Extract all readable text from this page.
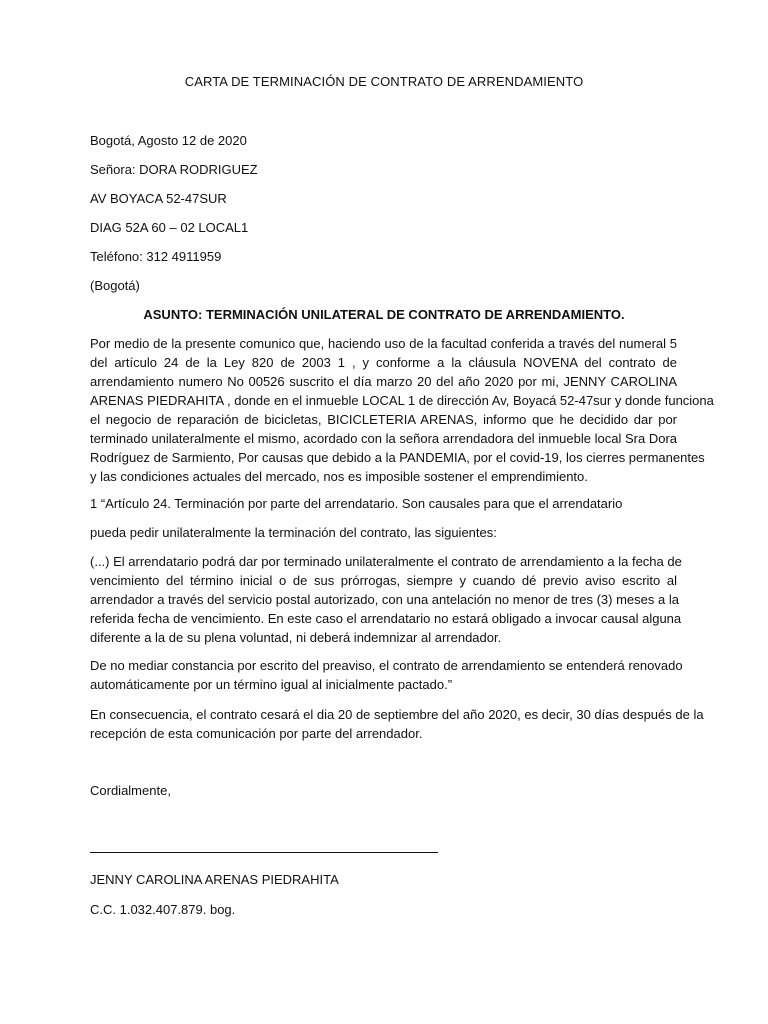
CARTA DE TERMINACIÓN DE CONTRATO DE ARRENDAMIENTO
Bogotá, Agosto 12 de 2020
Señora: DORA RODRIGUEZ
AV BOYACA 52-47SUR
DIAG 52A 60 – 02 LOCAL1
Teléfono: 312 4911959
(Bogotá)
ASUNTO: TERMINACIÓN UNILATERAL DE CONTRATO DE ARRENDAMIENTO.
Por medio de la presente comunico que, haciendo uso de la facultad conferida a través del numeral 5
del artículo 24 de la Ley 820 de 2003 1 , y conforme a la cláusula NOVENA del contrato de
arrendamiento numero No 00526 suscrito el día marzo 20 del año 2020 por mi, JENNY CAROLINA
ARENAS PIEDRAHITA , donde en el inmueble LOCAL 1 de dirección Av, Boyacá 52-47sur y donde funciona
el negocio de reparación de bicicletas, BICICLETERIA ARENAS, informo que he decidido dar por
terminado unilateralmente el mismo, acordado con la señora arrendadora del inmueble local Sra Dora
Rodríguez de Sarmiento, Por causas que debido a la PANDEMIA, por el covid-19, los cierres permanentes
y las condiciones actuales del mercado, nos es imposible sostener el emprendimiento.
1 “Artículo 24. Terminación por parte del arrendatario. Son causales para que el arrendatario
pueda pedir unilateralmente la terminación del contrato, las siguientes:
(...) El arrendatario podrá dar por terminado unilateralmente el contrato de arrendamiento a la fecha de
vencimiento del término inicial o de sus prórrogas, siempre y cuando dé previo aviso escrito al
arrendador a través del servicio postal autorizado, con una antelación no menor de tres (3) meses a la
referida fecha de vencimiento. En este caso el arrendatario no estará obligado a invocar causal alguna
diferente a la de su plena voluntad, ni deberá indemnizar al arrendador.
De no mediar constancia por escrito del preaviso, el contrato de arrendamiento se entenderá renovado
automáticamente por un término igual al inicialmente pactado.”
En consecuencia, el contrato cesará el dia 20 de septiembre del año 2020, es decir, 30 días después de la
recepción de esta comunicación por parte del arrendador.
Cordialmente,
JENNY CAROLINA ARENAS PIEDRAHITA
C.C. 1.032.407.879. bog.
